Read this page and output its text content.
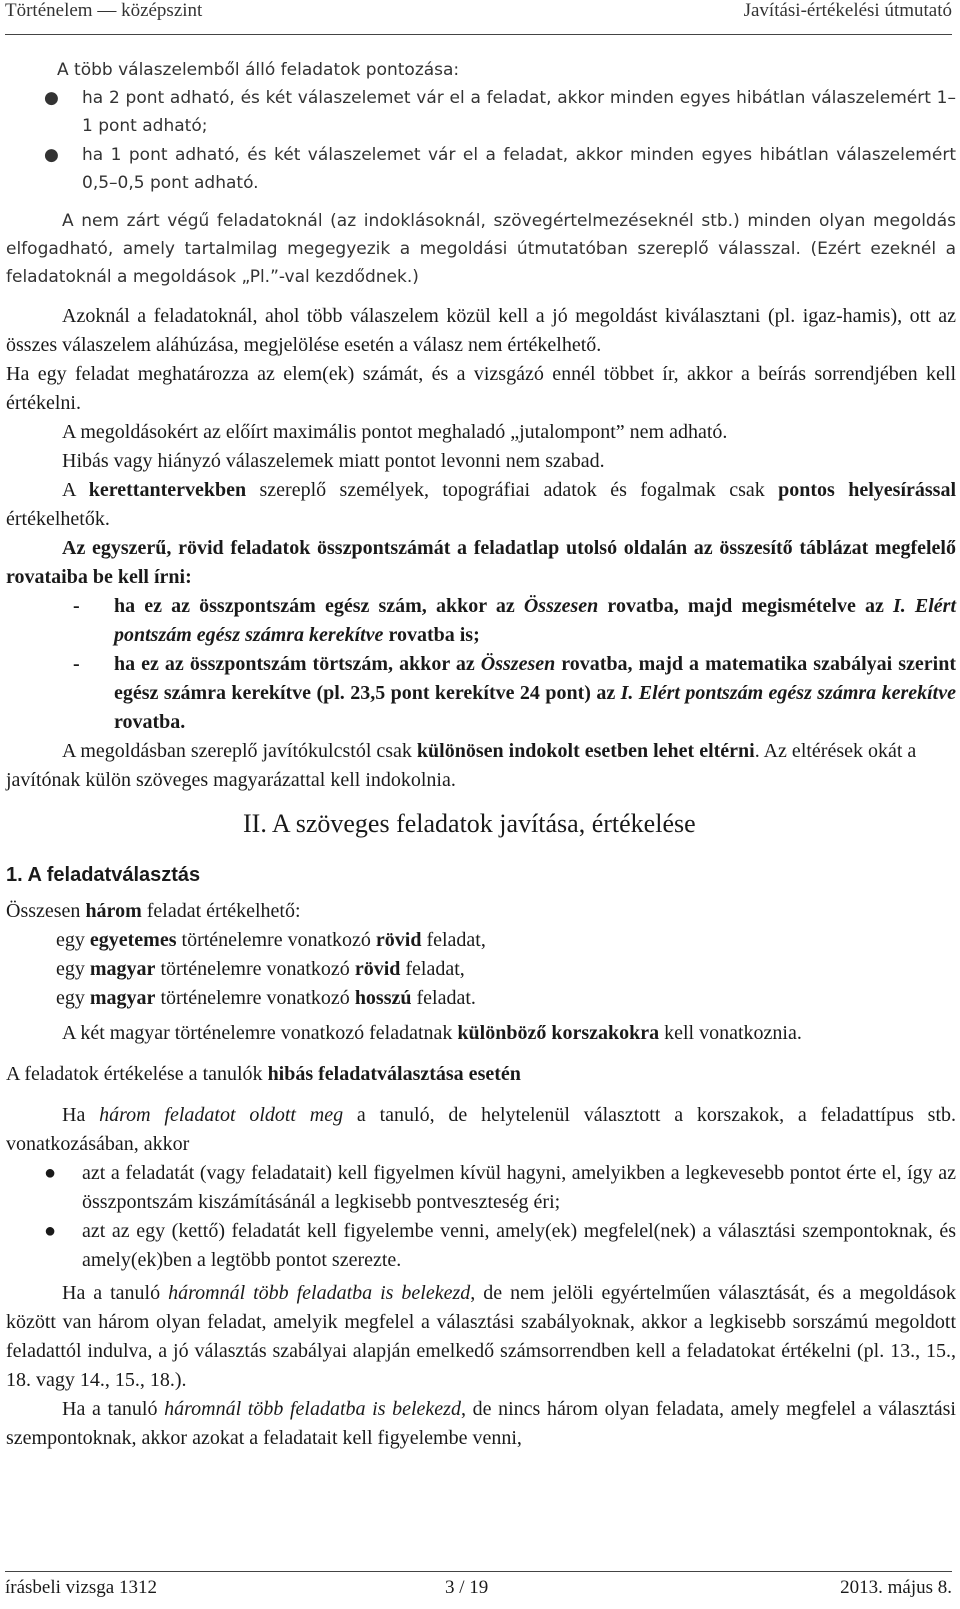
Történelem — középszint	Javítási-értékelési útmutató

A több válaszelemből álló feladatok pontozása:

● ha 2 pont adható, és két válaszelemet vár el a feladat, akkor minden egyes hibátlan válaszelemért 1–1 pont adható;
● ha 1 pont adható, és két válaszelemet vár el a feladat, akkor minden egyes hibátlan válaszelemért 0,5–0,5 pont adható.

A nem zárt végű feladatoknál (az indoklásoknál, szövegértelmezéseknél stb.) minden olyan megoldás elfogadható, amely tartalmilag megegyezik a megoldási útmutatóban szereplő válasszal. (Ezért ezeknél a feladatoknál a megoldások „Pl.”-val kezdődnek.)

Azoknál a feladatoknál, ahol több válaszelem közül kell a jó megoldást kiválasztani (pl. igaz-hamis), ott az összes válaszelem aláhúzása, megjelölése esetén a válasz nem értékelhető.

Ha egy feladat meghatározza az elem(ek) számát, és a vizsgázó ennél többet ír, akkor a beírás sorrendjében kell értékelni.

A megoldásokért az előírt maximális pontot meghaladó „jutalompont” nem adható.

Hibás vagy hiányzó válaszelemek miatt pontot levonni nem szabad.

A kerettantervekben szereplő személyek, topográfiai adatok és fogalmak csak pontos helyesírással értékelhetők.

Az egyszerű, rövid feladatok összpontszámát a feladatlap utolsó oldalán az összesítő táblázat megfelelő rovataiba be kell írni:

- ha ez az összpontszám egész szám, akkor az Összesen rovatba, majd megismételve az I. Elért pontszám egész számra kerekítve rovatba is;
- ha ez az összpontszám törtszám, akkor az Összesen rovatba, majd a matematika szabályai szerint egész számra kerekítve (pl. 23,5 pont kerekítve 24 pont) az I. Elért pontszám egész számra kerekítve rovatba.

A megoldásban szereplő javítókulcstól csak különösen indokolt esetben lehet eltérni. Az eltérések okát a javítónak külön szöveges magyarázattal kell indokolnia.

II. A szöveges feladatok javítása, értékelése
1. A feladatválasztás

Összesen három feladat értékelhető:

egy egyetemes történelemre vonatkozó rövid feladat,

egy magyar történelemre vonatkozó rövid feladat,

egy magyar történelemre vonatkozó hosszú feladat.

A két magyar történelemre vonatkozó feladatnak különböző korszakokra kell vonatkoznia.

A feladatok értékelése a tanulók hibás feladatválasztása esetén

Ha három feladatot oldott meg a tanuló, de helytelenül választott a korszakok, a feladattípus stb. vonatkozásában, akkor

● azt a feladatát (vagy feladatait) kell figyelmen kívül hagyni, amelyikben a legkevesebb pontot érte el, így az összpontszám kiszámításánál a legkisebb pontveszteség éri;
● azt az egy (kettő) feladatát kell figyelembe venni, amely(ek) megfelel(nek) a választási szempontoknak, és amely(ek)ben a legtöbb pontot szerezte.

Ha a tanuló háromnál több feladatba is belekezd, de nem jelöli egyértelműen választását, és a megoldások között van három olyan feladat, amelyik megfelel a választási szabályoknak, akkor a legkisebb sorszámú megoldott feladattól indulva, a jó választás szabályai alapján emelkedő számsorrendben kell a feladatokat értékelni (pl. 13., 15., 18. vagy 14., 15., 18.).

Ha a tanuló háromnál több feladatba is belekezd, de nincs három olyan feladata, amely megfelel a választási szempontoknak, akkor azokat a feladatait kell figyelembe venni,

írásbeli vizsga 1312	3 / 19	2013. május 8.
